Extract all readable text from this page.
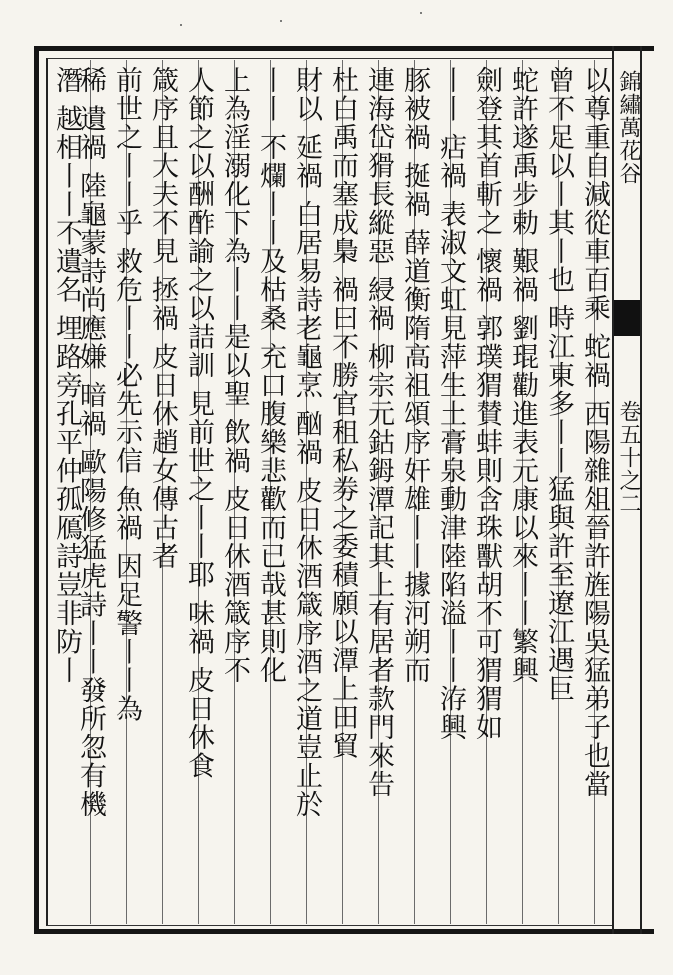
錦繡萬花谷
卷五十之二
以尊重自減從車百乘 蛇禍 西陽雜俎晉許旌陽吳猛弟子也當
曾不足以丨其丨也 時江東多丨丨猛與許至遼江遇巨
蛇許遂禹步勅 艱禍 劉琨勸進表元康以來丨丨繁興
劍登其首斬之 懷禍 郭璞猬賛蚌則含珠獸胡不可猬猬如
丨丨 痁禍 表淑文虹見萍生土膏泉動津陸陷溢丨丨洊興
豚被禍 挻禍 薛道衡隋高祖頌序奸雄丨丨據河朔而
連海岱猾長縱惡 綅禍 柳宗元鈷鉧潭記其上有居者款門來告
杜白禹而塞成梟 禍曰不勝官租私劵之委積願以潭上田貿
財以 延禍 白居易詩老龜烹 酗禍 皮日休酒箴序酒之道豈止於
丨丨 不爛丨丨及枯桑 充口腹樂悲歡而已哉甚則化
上為淫溺化下為丨丨是以聖 飲禍 皮日休酒箴序不
人節之以酬酢諭之以詰訓 見前世之丨丨耶 味禍 皮日休食
箴序且大夫不見 拯禍 皮日休趙女傳古者
前世之丨丨乎 救危丨丨必先示信 魚禍 因足警丨丨為
稀 遺禍 陸龜蒙詩尚應嫌 暗禍 歐陽修猛虎詩丨丨發所忽有機
潛 越相丨丨不遺名 埋路旁孔平仲孤鴈詩豈非防丨
